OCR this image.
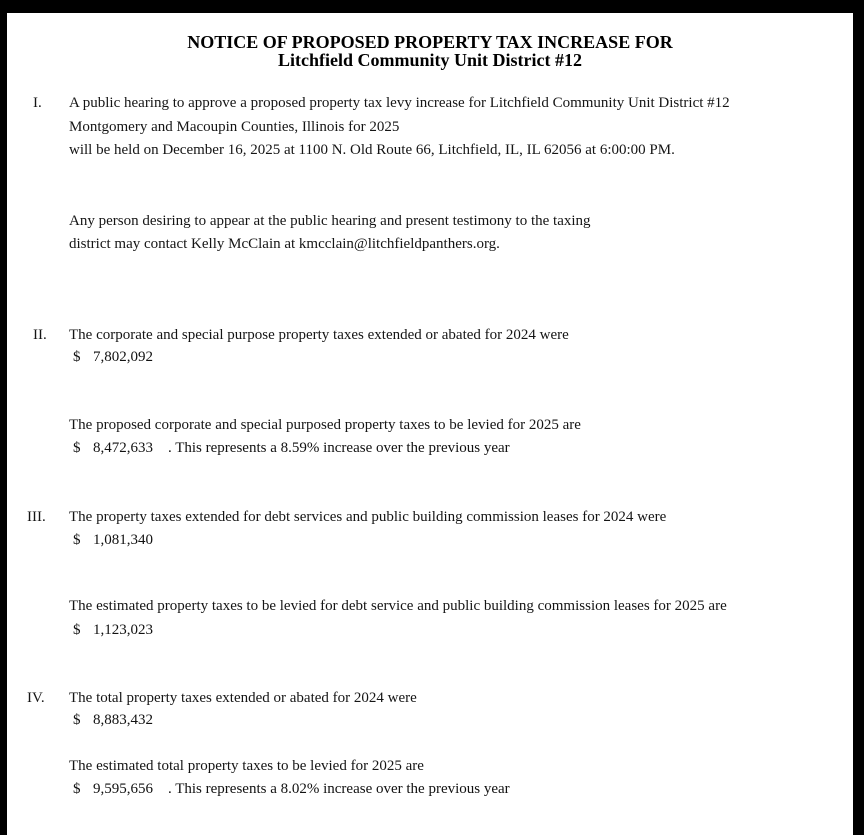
NOTICE OF PROPOSED PROPERTY TAX INCREASE FOR
Litchfield Community Unit District #12
I. A public hearing to approve a proposed property tax levy increase for Litchfield Community Unit District #12
Montgomery and Macoupin Counties, Illinois for 2025
will be held on December 16, 2025 at 1100 N. Old Route 66, Litchfield, IL, IL 62056 at 6:00:00 PM.
Any person desiring to appear at the public hearing and present testimony to the taxing
district may contact Kelly McClain at kmcclain@litchfieldpanthers.org.
II. The corporate and special purpose property taxes extended or abated for 2024 were
$ 7,802,092
The proposed corporate and special purposed property taxes to be levied for 2025 are
$ 8,472,633 . This represents a 8.59% increase over the previous year
III. The property taxes extended for debt services and public building commission leases for 2024 were
$ 1,081,340
The estimated property taxes to be levied for debt service and public building commission leases for 2025 are
$ 1,123,023
IV. The total property taxes extended or abated for 2024 were
$ 8,883,432
The estimated total property taxes to be levied for 2025 are
$ 9,595,656 . This represents a 8.02% increase over the previous year
